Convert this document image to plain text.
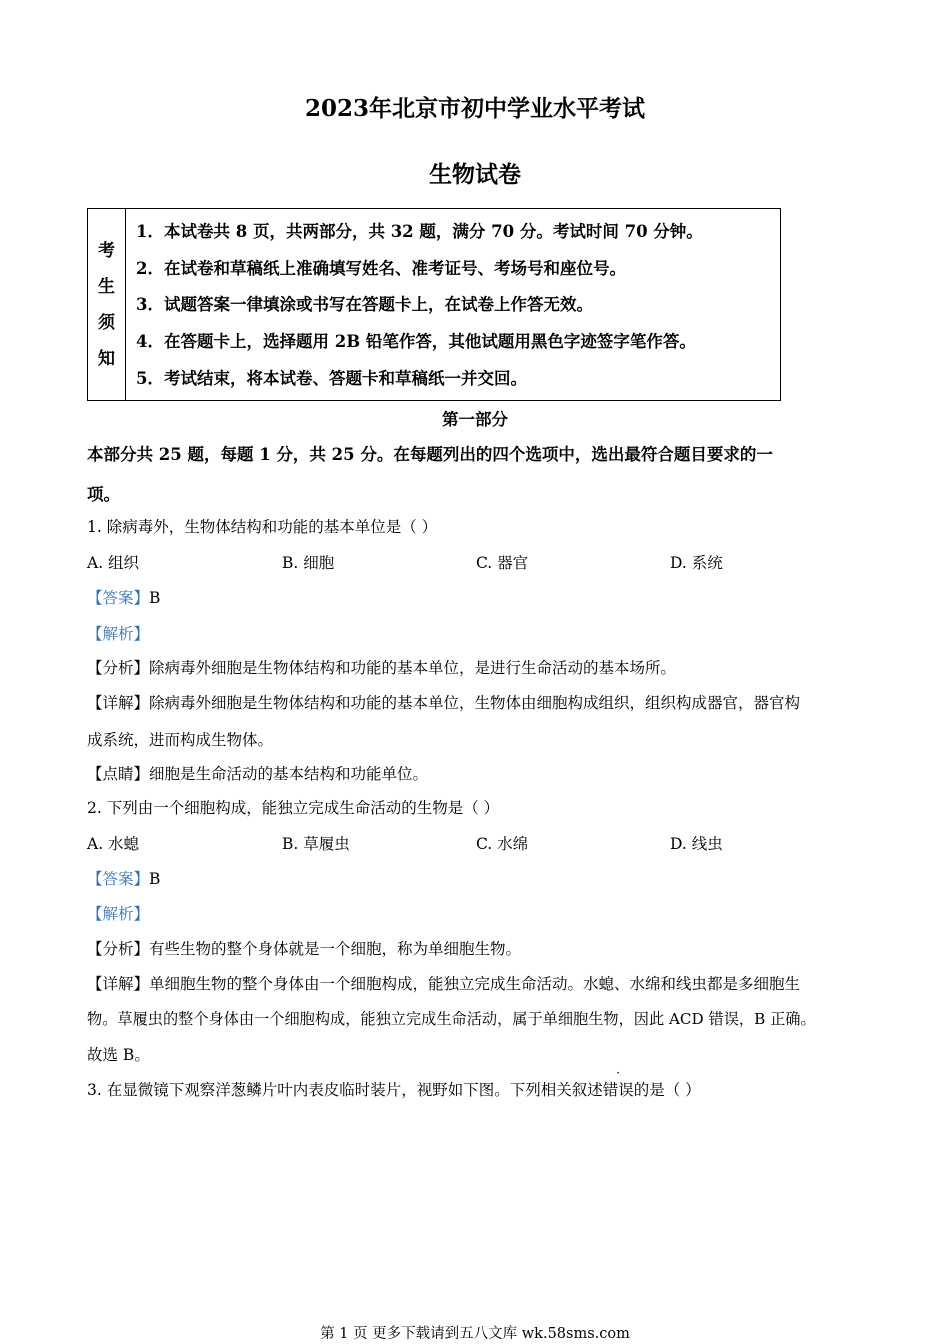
2023年北京市初中学业水平考试
生物试卷
考
生
须
知
1．本试卷共 8 页，共两部分，共 32 题，满分 70 分。考试时间 70 分钟。
2．在试卷和草稿纸上准确填写姓名、准考证号、考场号和座位号。
3．试题答案一律填涂或书写在答题卡上，在试卷上作答无效。
4．在答题卡上，选择题用 2B 铅笔作答，其他试题用黑色字迹签字笔作答。
5．考试结束，将本试卷、答题卡和草稿纸一并交回。
第一部分
本部分共 25 题，每题 1 分，共 25 分。在每题列出的四个选项中，选出最符合题目要求的一
项。
1. 除病毒外，生物体结构和功能的基本单位是（ ）
A. 组织	B. 细胞	C. 器官	D. 系统
【答案】B
【解析】
【分析】除病毒外细胞是生物体结构和功能的基本单位，是进行生命活动的基本场所。
【详解】除病毒外细胞是生物体结构和功能的基本单位，生物体由细胞构成组织，组织构成器官，器官构
成系统，进而构成生物体。
【点睛】细胞是生命活动的基本结构和功能单位。
2. 下列由一个细胞构成，能独立完成生命活动的生物是（ ）
A. 水螅	B. 草履虫	C. 水绵	D. 线虫
【答案】B
【解析】
【分析】有些生物的整个身体就是一个细胞，称为单细胞生物。
【详解】单细胞生物的整个身体由一个细胞构成，能独立完成生命活动。水螅、水绵和线虫都是多细胞生
物。草履虫的整个身体由一个细胞构成，能独立完成生命活动，属于单细胞生物，因此 ACD 错误，B 正确。
故选 B。
3. 在显微镜下观察洋葱鳞片叶内表皮临时装片，视野如下图。下列相关叙述
·
错误的是（ ）
第 1 页 更多下载请到五八文库 wk.58sms.com
